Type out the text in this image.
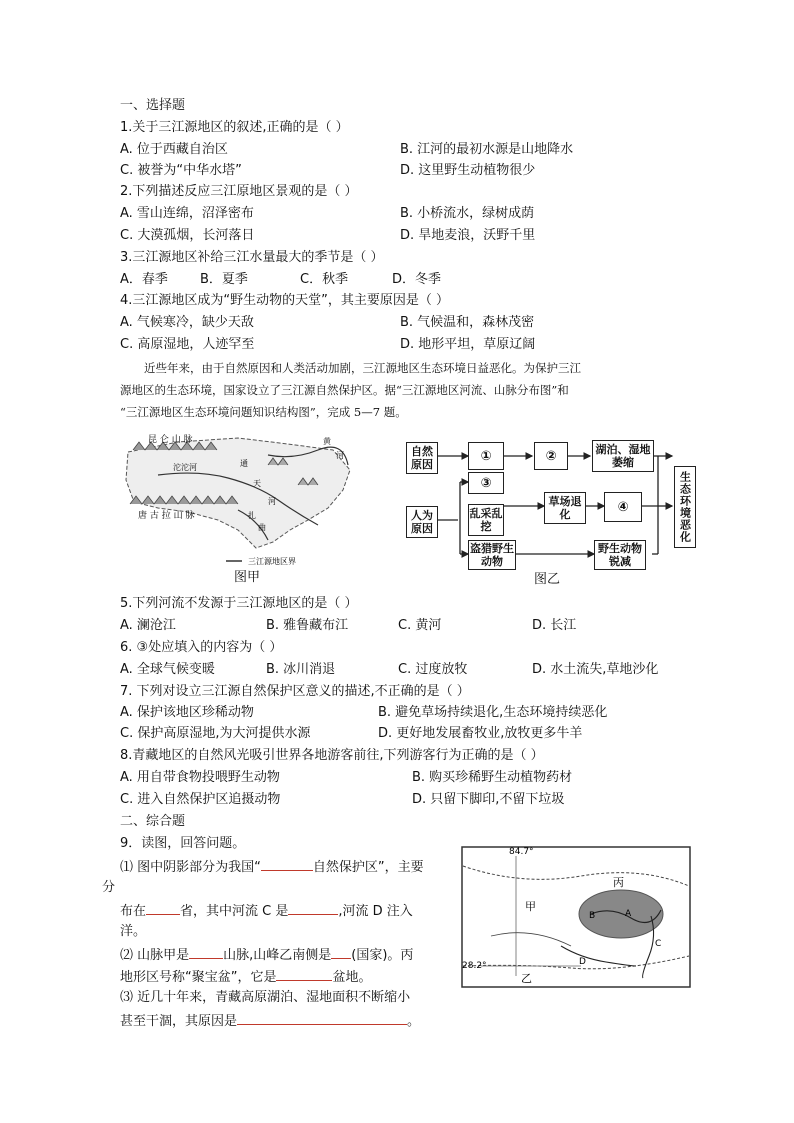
一、选择题
1.关于三江源地区的叙述,正确的是（ ）
A. 位于西藏自治区	B. 江河的最初水源是山地降水
C. 被誉为“中华水塔”	D. 这里野生动植物很少
2.下列描述反应三江原地区景观的是（ ）
A. 雪山连绵，沼泽密布	B. 小桥流水，绿树成荫
C. 大漠孤烟，长河落日	D. 旱地麦浪，沃野千里
3.三江源地区补给三江水量最大的季节是（ ）
A．春季 B．夏季	C．秋季	D．冬季
4.三江源地区成为“野生动物的天堂”，其主要原因是（ ）
A. 气候寒冷，缺少天敌	B. 气候温和，森林茂密
C. 高原湿地，人迹罕至	D. 地形平坦，草原辽阔
近些年来，由于自然原因和人类活动加剧，三江源地区生态环境日益恶化。为保护三江
源地区的生态环境，国家设立了三江源自然保护区。据“三江源地区河流、山脉分布图”和
“三江源地区生态环境问题知识结构图”，完成 5—7 题。
昆 仑 山 脉
唐 古 拉 山 脉
沱沱河	通
天
河
黄
河
扎
曲
三江源地区界
图甲
自然原因
①	②	湖泊、湿地萎缩
生态环境恶化
人为原因
③
乱采乱挖
草场退化	④
盗猎野生动物
野生动物锐减
图乙
5.下列河流不发源于三江源地区的是（ ）
A. 澜沧江	B. 雅鲁藏布江	C. 黄河	D. 长江
6. ③处应填入的内容为（ ）
A. 全球气候变暖	B. 冰川消退	C. 过度放牧	D. 水土流失,草地沙化
7. 下列对设立三江源自然保护区意义的描述,不正确的是（ ）
A. 保护该地区珍稀动物	B. 避免草场持续退化,生态环境持续恶化
C. 保护高原湿地,为大河提供水源	D. 更好地发展畜牧业,放牧更多牛羊
8.青藏地区的自然风光吸引世界各地游客前往,下列游客行为正确的是（ ）
A. 用自带食物投喂野生动物	B. 购买珍稀野生动植物药材
C. 进入自然保护区追摄动物	D. 只留下脚印,不留下垃圾
二、综合题
9．读图，回答问题。
⑴ 图中阴影部分为我国“	自然保护区”，主要
分
布在	省，其中河流 C 是	,河流 D 注入
洋。
⑵ 山脉甲是	山脉,山峰乙南侧是 (国家)。丙
地形区号称“聚宝盆”，它是	盆地。
⑶ 近几十年来，青藏高原湖泊、湿地面积不断缩小
甚至干涸，其原因是	。
84.7°
28.2°
甲
乙
丙
A
B
C
D
